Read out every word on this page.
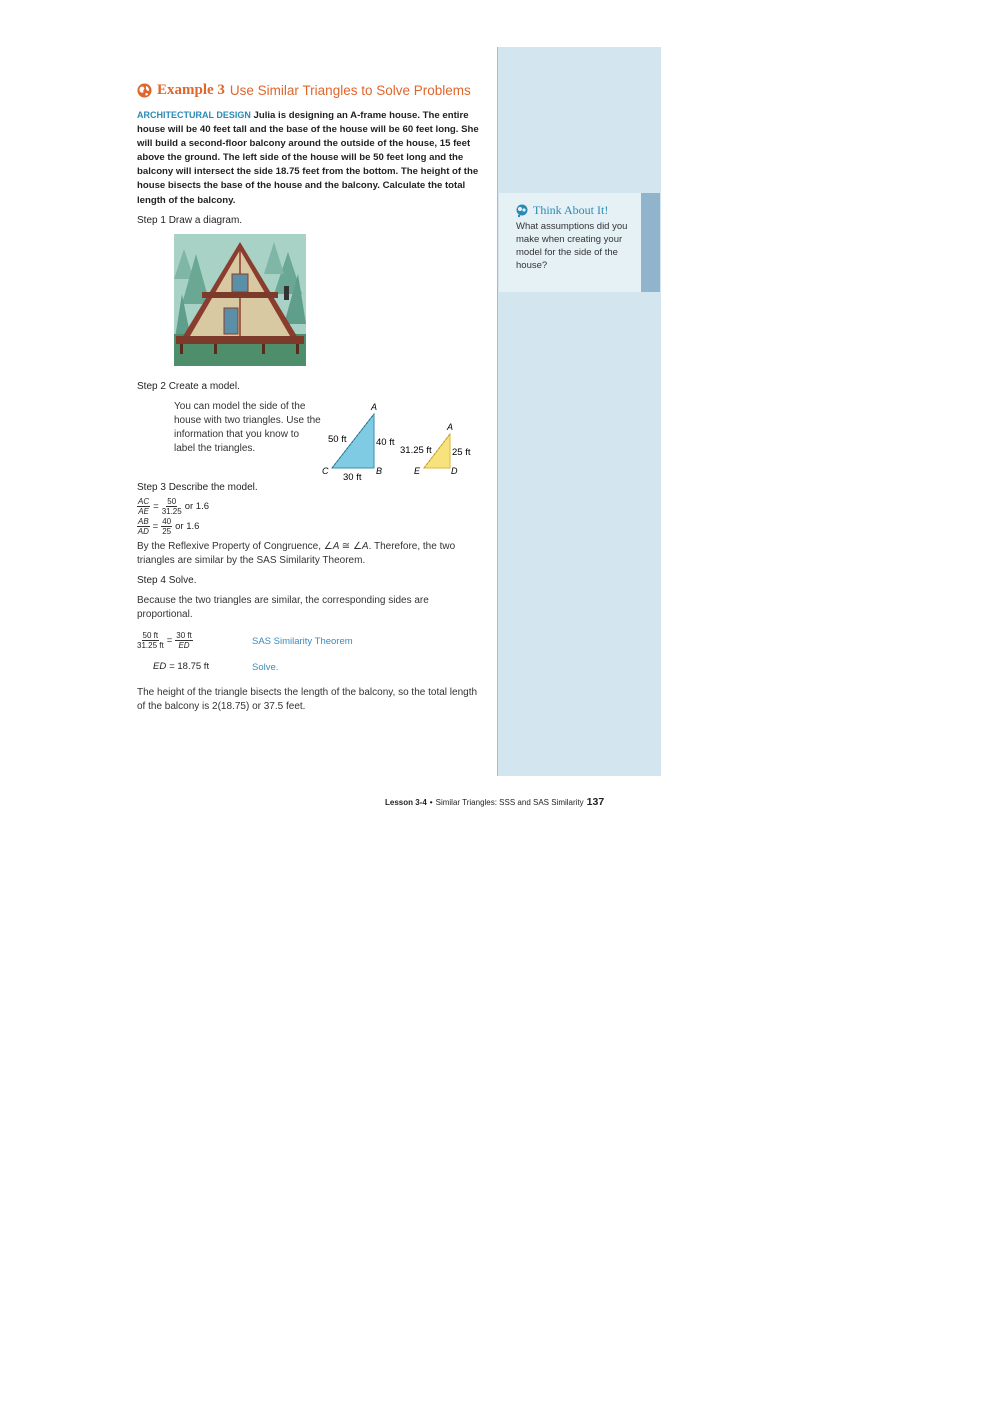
Think About It!
What assumptions did you make when creating your model for the side of the house?
Example 3 Use Similar Triangles to Solve Problems
ARCHITECTURAL DESIGN Julia is designing an A-frame house. The entire house will be 40 feet tall and the base of the house will be 60 feet long. She will build a second-floor balcony around the outside of the house, 15 feet above the ground. The left side of the house will be 50 feet long and the balcony will intersect the side 18.75 feet from the bottom. The height of the house bisects the base of the house and the balcony. Calculate the total length of the balcony.
Step 1 Draw a diagram.
Step 2 Create a model.
You can model the side of the house with two triangles. Use the information that you know to label the triangles.
A
C	B
50 ft	40 ft
30 ft
A
E	D
31.25 ft 25 ft
Step 3 Describe the model.
$\frac{AC}{AE} = \frac{50}{31.25}$ or 1.6
$\frac{AB}{AD} = \frac{40}{25}$ or 1.6
By the Reflexive Property of Congruence, ∠A ≅ ∠A. Therefore, the two triangles are similar by the SAS Similarity Theorem.
Step 4 Solve.
Because the two triangles are similar, the corresponding sides are proportional.
$\frac{50 ft}{31.25 ft} = \frac{30 ft}{ED}$	SAS Similarity Theorem
ED = 18.75 ft	Solve.
The height of the triangle bisects the length of the balcony, so the total length of the balcony is 2(18.75) or 37.5 feet.
Lesson 3-4 • Similar Triangles: SSS and SAS Similarity 137
